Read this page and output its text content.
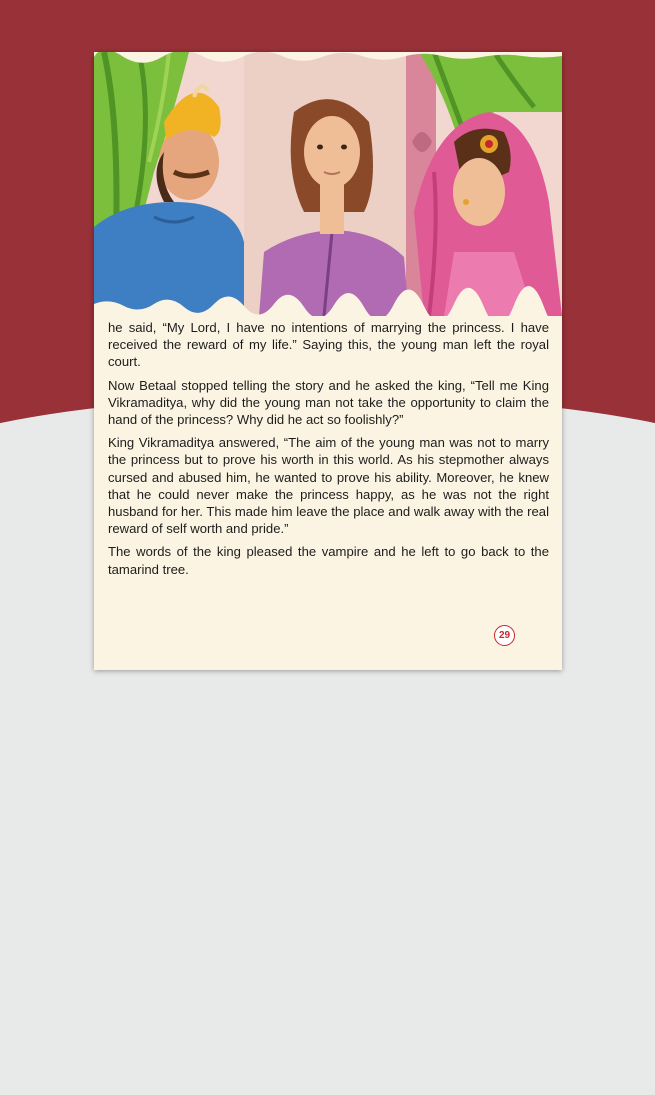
he said, “My Lord, I have no intentions of marrying the princess. I have received the reward of my life.” Saying this, the young man left the royal court.

Now Betaal stopped telling the story and he asked the king, “Tell me King Vikramaditya, why did the young man not take the opportunity to claim the hand of the princess? Why did he act so foolishly?”

King Vikramaditya answered, “The aim of the young man was not to marry the princess but to prove his worth in this world. As his stepmother always cursed and abused him, he wanted to prove his ability. Moreover, he knew that he could never make the princess happy, as he was not the right husband for her. This made him leave the place and walk away with the real reward of self worth and pride.”

The words of the king pleased the vampire and he left to go back to the tamarind tree.

29
